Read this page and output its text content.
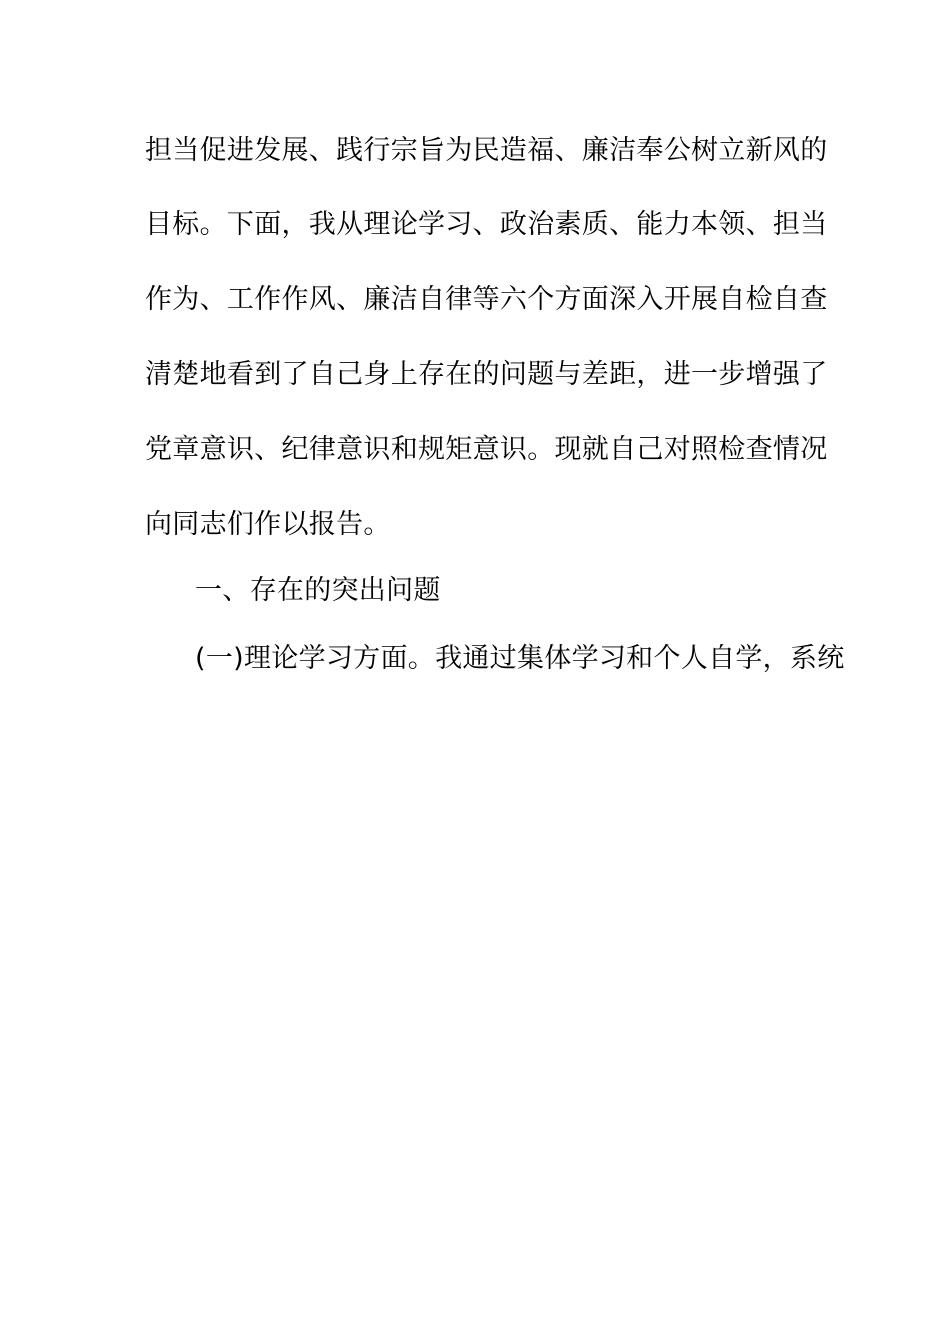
担当促进发展、践行宗旨为民造福、廉洁奉公树立新风的
目标。下面，我从理论学习、政治素质、能力本领、担当
作为、工作作风、廉洁自律等六个方面深入开展自检自查
清楚地看到了自己身上存在的问题与差距，进一步增强了
党章意识、纪律意识和规矩意识。现就自己对照检查情况
向同志们作以报告。
一、存在的突出问题
(一)理论学习方面。我通过集体学习和个人自学，系统
